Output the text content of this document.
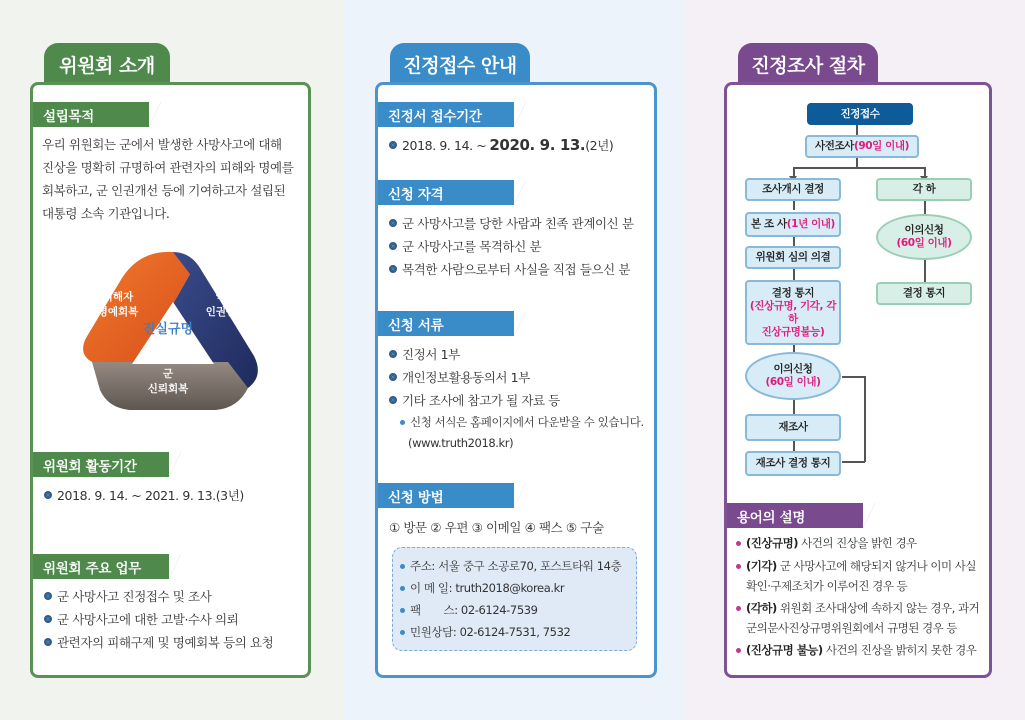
위원회 소개
설립목적
우리 위원회는 군에서 발생한 사망사고에 대해
진상을 명확히 규명하여 관련자의 피해와 명예를
회복하고, 군 인권개선 등에 기여하고자 설립된
대통령 소속 기관입니다.
피해자
명예회복
국민
인권증진
군
신뢰회복
진실규명
위원회 활동기간
2018. 9. 14. ~ 2021. 9. 13.(3년)
위원회 주요 업무
군 사망사고 진정접수 및 조사
군 사망사고에 대한 고발·수사 의뢰
관련자의 피해구제 및 명예회복 등의 요청
진정접수 안내
진정서 접수기간
2018. 9. 14. ~ 2020. 9. 13. (2년)
신청 자격
군 사망사고를 당한 사람과 친족 관계이신 분
군 사망사고를 목격하신 분
목격한 사람으로부터 사실을 직접 들으신 분
신청 서류
진정서 1부
개인정보활용동의서 1부
기타 조사에 참고가 될 자료 등
신청 서식은 홈페이지에서 다운받을 수 있습니다.
(www.truth2018.kr)
신청 방법
① 방문 ② 우편 ③ 이메일 ④ 팩스 ⑤ 구술
주소: 서울 중구 소공로70, 포스트타워 14층
이 메 일: truth2018@korea.kr
팩       스: 02-6124-7539
민원상담: 02-6124-7531, 7532
진정조사 절차
진정접수
사전조사 (90일 이내)
조사개시 결정	각 하
본 조 사 (1년 이내)	이의신청
(60일 이내)
위원회 심의 의결
결정 통지
결정 통지
(진상규명, 기각, 각하
진상규명불능)
이의신청
(60일 이내)
재조사
재조사 결정 통지
용어의 설명
(진상규명) 사건의 진상을 밝힌 경우
(기각) 군 사망사고에 해당되지 않거나 이미 사실
확인·구제조치가 이루어진 경우 등
(각하) 위원회 조사대상에 속하지 않는 경우, 과거
군의문사진상규명위원회에서 규명된 경우 등
(진상규명 불능) 사건의 진상을 밝히지 못한 경우
